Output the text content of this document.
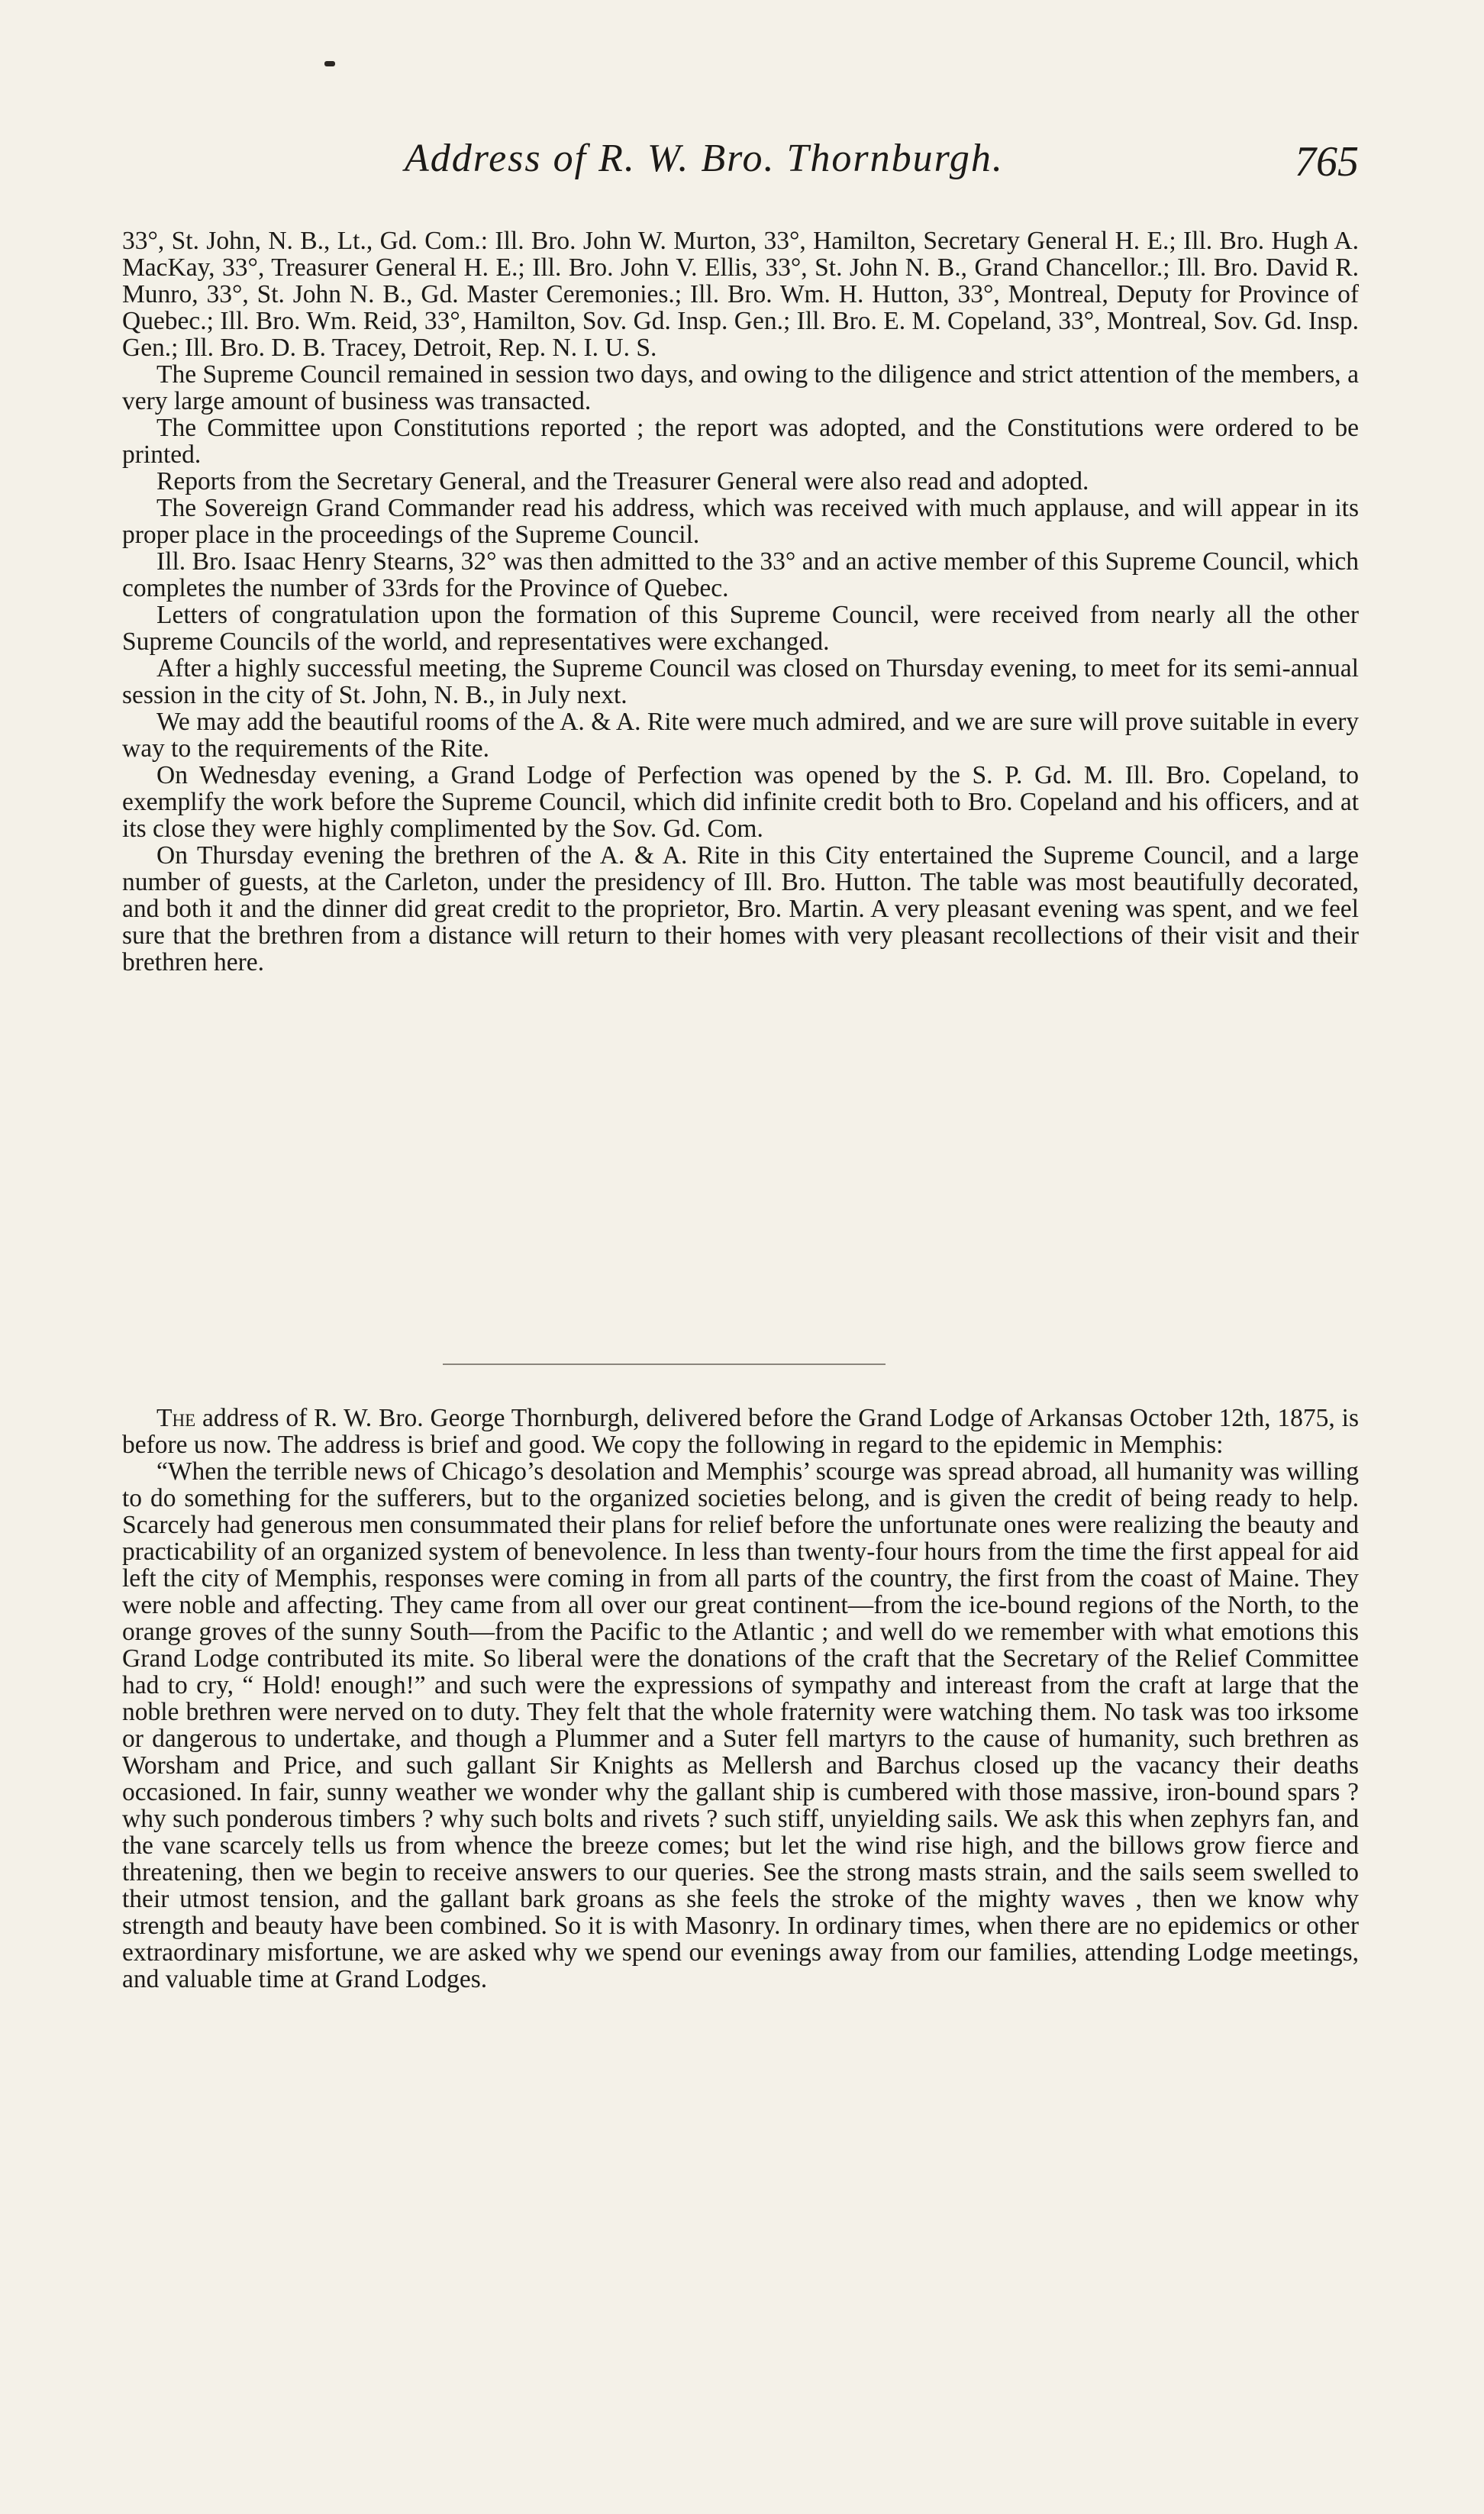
Address of R. W. Bro. Thornburgh.	765

33°, St. John, N. B., Lt., Gd. Com.: Ill. Bro. John W. Murton, 33°, Hamilton, Secretary General H. E.; Ill. Bro. Hugh A. MacKay, 33°, Treasurer General H. E.; Ill. Bro. John V. Ellis, 33°, St. John N. B., Grand Chancellor.; Ill. Bro. David R. Munro, 33°, St. John N. B., Gd. Master Ceremonies.; Ill. Bro. Wm. H. Hutton, 33°, Montreal, Deputy for Province of Quebec.; Ill. Bro. Wm. Reid, 33°, Hamilton, Sov. Gd. Insp. Gen.; Ill. Bro. E. M. Copeland, 33°, Montreal, Sov. Gd. Insp. Gen.; Ill. Bro. D. B. Tracey, Detroit, Rep. N. I. U. S.

The Supreme Council remained in session two days, and owing to the diligence and strict attention of the members, a very large amount of business was transacted.

The Committee upon Constitutions reported ; the report was adopted, and the Constitutions were ordered to be printed.

Reports from the Secretary General, and the Treasurer General were also read and adopted.

The Sovereign Grand Commander read his address, which was received with much applause, and will appear in its proper place in the proceedings of the Supreme Council.

Ill. Bro. Isaac Henry Stearns, 32° was then admitted to the 33° and an active member of this Supreme Council, which completes the number of 33rds for the Province of Quebec.

Letters of congratulation upon the formation of this Supreme Council, were received from nearly all the other Supreme Councils of the world, and representatives were exchanged.

After a highly successful meeting, the Supreme Council was closed on Thursday evening, to meet for its semi-annual session in the city of St. John, N. B., in July next.

We may add the beautiful rooms of the A. & A. Rite were much admired, and we are sure will prove suitable in every way to the requirements of the Rite.

On Wednesday evening, a Grand Lodge of Perfection was opened by the S. P. Gd. M. Ill. Bro. Copeland, to exemplify the work before the Supreme Council, which did infinite credit both to Bro. Copeland and his officers, and at its close they were highly complimented by the Sov. Gd. Com.

On Thursday evening the brethren of the A. & A. Rite in this City entertained the Supreme Council, and a large number of guests, at the Carleton, under the presidency of Ill. Bro. Hutton. The table was most beautifully decorated, and both it and the dinner did great credit to the proprietor, Bro. Martin. A very pleasant evening was spent, and we feel sure that the brethren from a distance will return to their homes with very pleasant recollections of their visit and their brethren here.

The address of R. W. Bro. George Thornburgh, delivered before the Grand Lodge of Arkansas October 12th, 1875, is before us now. The address is brief and good. We copy the following in regard to the epidemic in Memphis:

“When the terrible news of Chicago’s desolation and Memphis’ scourge was spread abroad, all humanity was willing to do something for the sufferers, but to the organized societies belong, and is given the credit of being ready to help. Scarcely had generous men consummated their plans for relief before the unfortunate ones were realizing the beauty and practicability of an organized system of benevolence. In less than twenty-four hours from the time the first appeal for aid left the city of Memphis, responses were coming in from all parts of the country, the first from the coast of Maine. They were noble and affecting. They came from all over our great continent—from the ice-bound regions of the North, to the orange groves of the sunny South—from the Pacific to the Atlantic ; and well do we remember with what emotions this Grand Lodge contributed its mite. So liberal were the donations of the craft that the Secretary of the Relief Committee had to cry, “ Hold! enough!” and such were the expressions of sympathy and intereast from the craft at large that the noble brethren were nerved on to duty. They felt that the whole fraternity were watching them. No task was too irksome or dangerous to undertake, and though a Plummer and a Suter fell martyrs to the cause of humanity, such brethren as Worsham and Price, and such gallant Sir Knights as Mellersh and Barchus closed up the vacancy their deaths occasioned. In fair, sunny weather we wonder why the gallant ship is cumbered with those massive, iron-bound spars ? why such ponderous timbers ? why such bolts and rivets ? such stiff, unyielding sails. We ask this when zephyrs fan, and the vane scarcely tells us from whence the breeze comes; but let the wind rise high, and the billows grow fierce and threatening, then we begin to receive answers to our queries. See the strong masts strain, and the sails seem swelled to their utmost tension, and the gallant bark groans as she feels the stroke of the mighty waves , then we know why strength and beauty have been combined. So it is with Masonry. In ordinary times, when there are no epidemics or other extraordinary misfortune, we are asked why we spend our evenings away from our families, attending Lodge meetings, and valuable time at Grand Lodges.
